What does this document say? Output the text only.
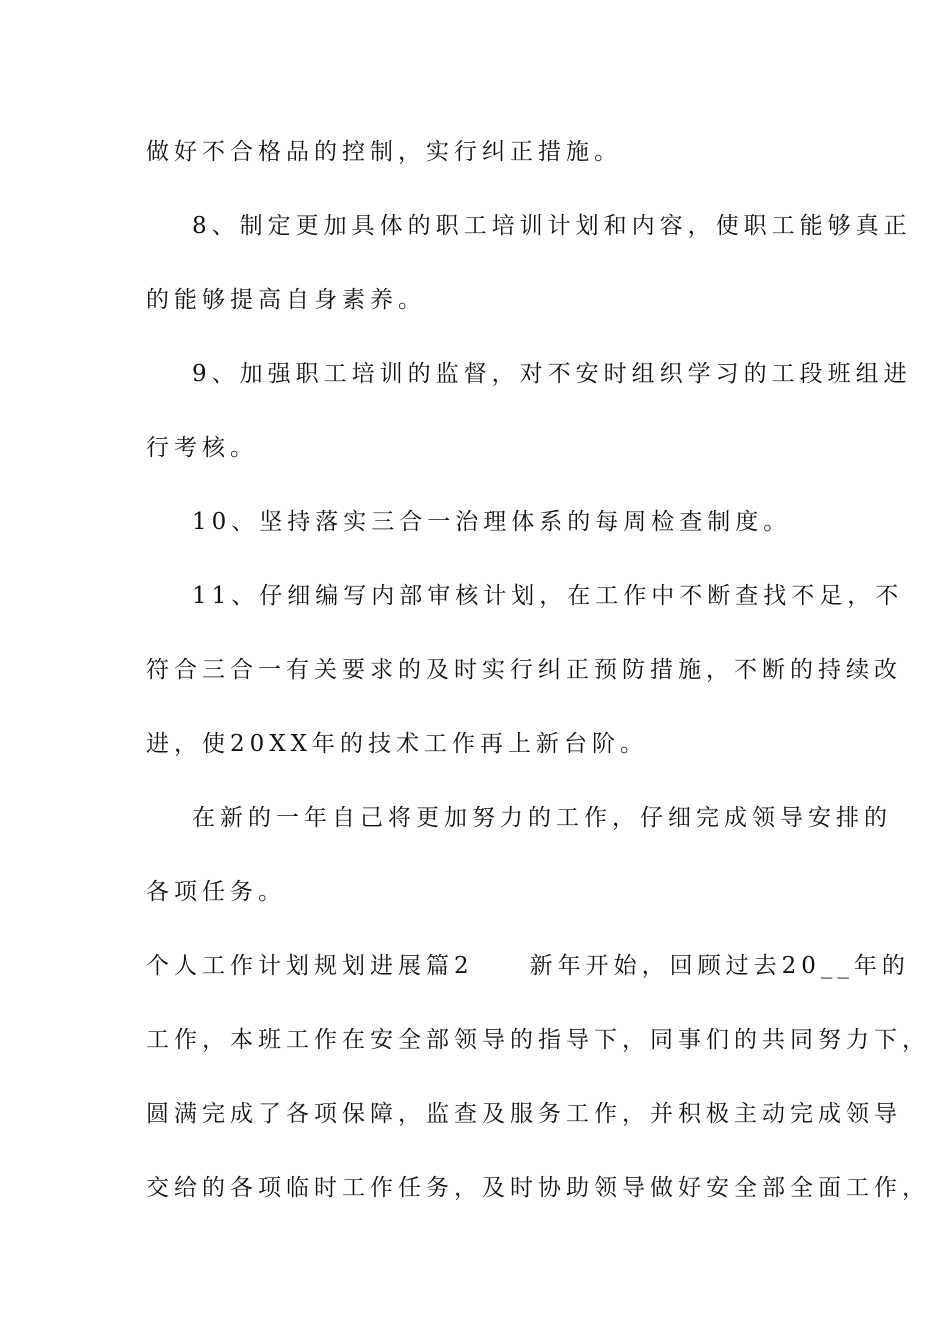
做好不合格品的控制，实行纠正措施。
8、制定更加具体的职工培训计划和内容，使职工能够真正
的能够提高自身素养。
9、加强职工培训的监督，对不安时组织学习的工段班组进
行考核。
10、坚持落实三合一治理体系的每周检查制度。
11、仔细编写内部审核计划，在工作中不断查找不足，不
符合三合一有关要求的及时实行纠正预防措施，不断的持续改
进，使20XX年的技术工作再上新台阶。
在新的一年自己将更加努力的工作，仔细完成领导安排的
各项任务。
个人工作计划规划进展篇2　　新年开始，回顾过去20__年的
工作，本班工作在安全部领导的指导下，同事们的共同努力下，
圆满完成了各项保障，监查及服务工作，并积极主动完成领导
交给的各项临时工作任务，及时协助领导做好安全部全面工作，
